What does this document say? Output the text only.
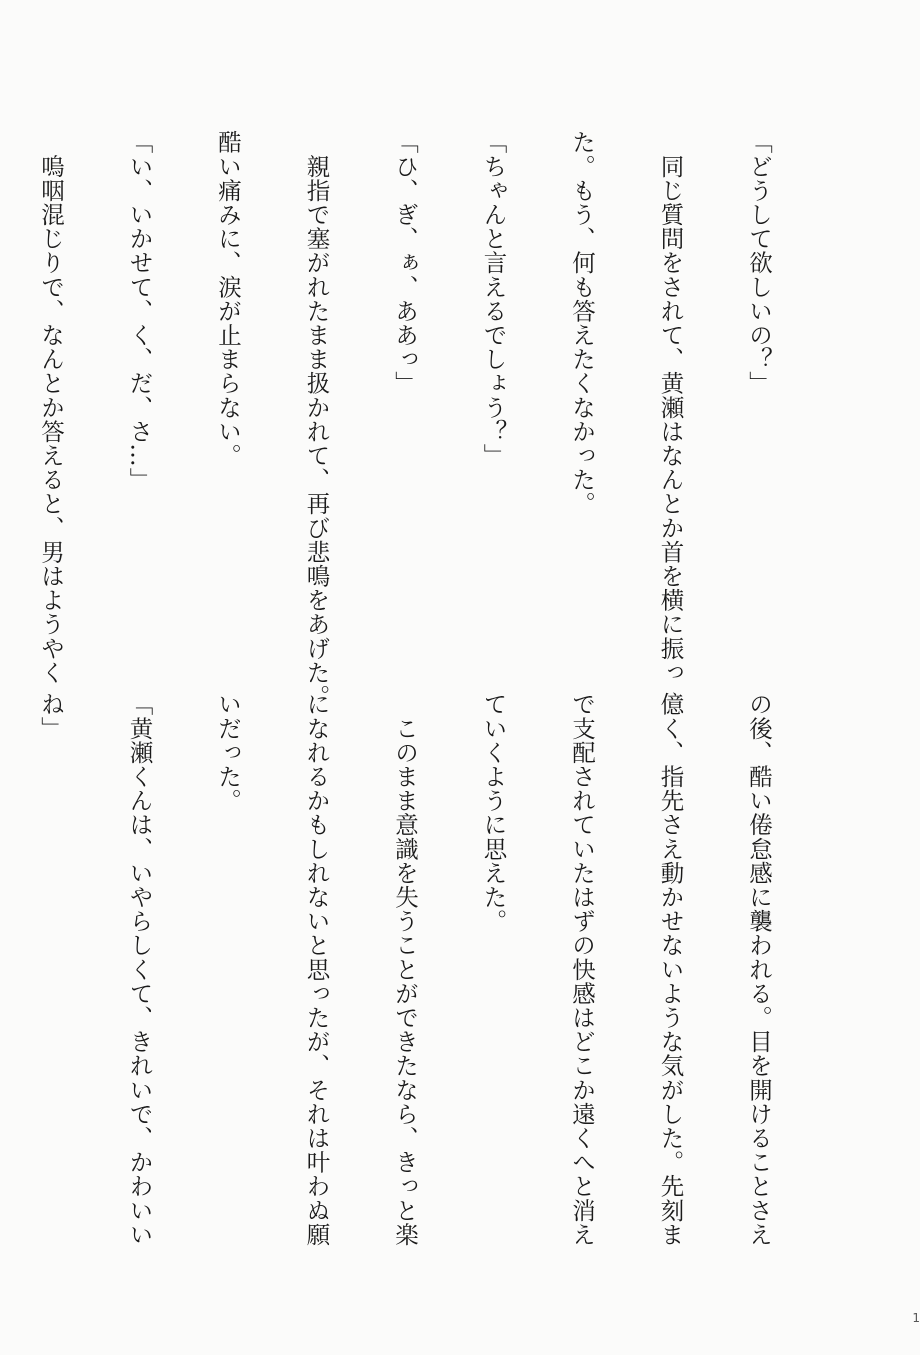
「どうして欲しいの？」

　同じ質問をされて、黄瀬はなんとか首を横に振っ

た。もう、何も答えたくなかった。

「ちゃんと言えるでしょう？」

「ひ、ぎ、ぁ、ああっ」

　親指で塞がれたまま扱かれて、再び悲鳴をあげた。

酷い痛みに、涙が止まらない。

「い、いかせて、く、だ、さ…」

　嗚咽混じりで、なんとか答えると、男はようやく

の後、酷い倦怠感に襲われる。目を開けることさえ

億く、指先さえ動かせないような気がした。先刻ま

で支配されていたはずの快感はどこか遠くへと消え

ていくように思えた。

　このまま意識を失うことができたなら、きっと楽

になれるかもしれないと思ったが、それは叶わぬ願

いだった。

「黄瀬くんは、いやらしくて、きれいで、かわいい

ね」

1
